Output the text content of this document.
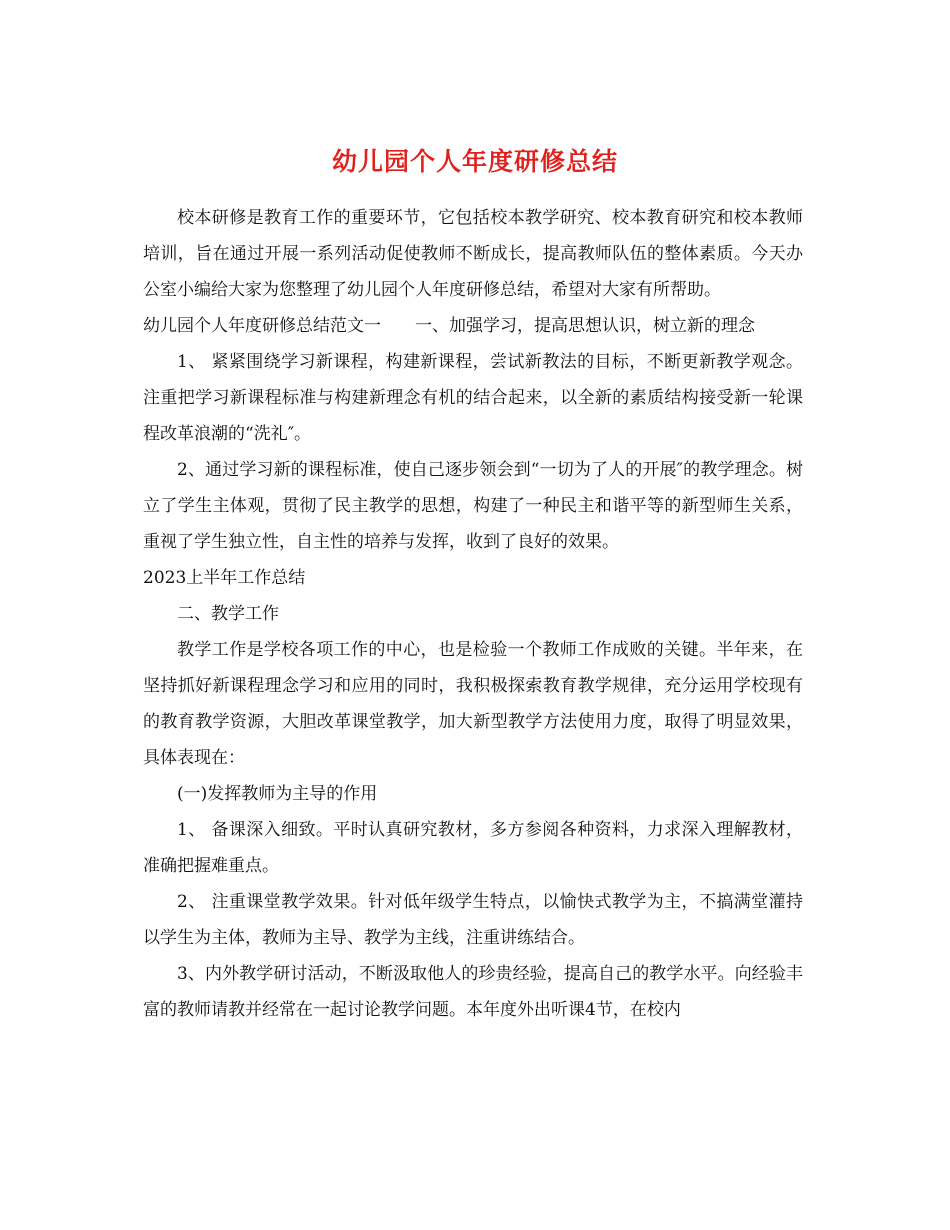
幼儿园个人年度研修总结

校本研修是教育工作的重要环节，它包括校本教学研究、校本教育研究和校本教师培训，旨在通过开展一系列活动促使教师不断成长，提高教师队伍的整体素质。今天办公室小编给大家为您整理了幼儿园个人年度研修总结，希望对大家有所帮助。

幼儿园个人年度研修总结范文一　　一、加强学习，提高思想认识，树立新的理念

1、 紧紧围绕学习新课程，构建新课程，尝试新教法的目标，不断更新教学观念。注重把学习新课程标准与构建新理念有机的结合起来，以全新的素质结构接受新一轮课程改革浪潮的“洗礼″。

2、通过学习新的课程标准，使自己逐步领会到“一切为了人的开展″的教学理念。树立了学生主体观，贯彻了民主教学的思想，构建了一种民主和谐平等的新型师生关系，重视了学生独立性，自主性的培养与发挥，收到了良好的效果。

2023上半年工作总结

二、教学工作

教学工作是学校各项工作的中心，也是检验一个教师工作成败的关键。半年来，在坚持抓好新课程理念学习和应用的同时，我积极探索教育教学规律，充分运用学校现有的教育教学资源，大胆改革课堂教学，加大新型教学方法使用力度，取得了明显效果，具体表现在：

(一)发挥教师为主导的作用

1、 备课深入细致。平时认真研究教材，多方参阅各种资料，力求深入理解教材，准确把握难重点。

2、 注重课堂教学效果。针对低年级学生特点，以愉快式教学为主，不搞满堂灌持以学生为主体，教师为主导、教学为主线，注重讲练结合。

3、内外教学研讨活动，不断汲取他人的珍贵经验，提高自己的教学水平。向经验丰富的教师请教并经常在一起讨论教学问题。本年度外出听课4节，在校内
